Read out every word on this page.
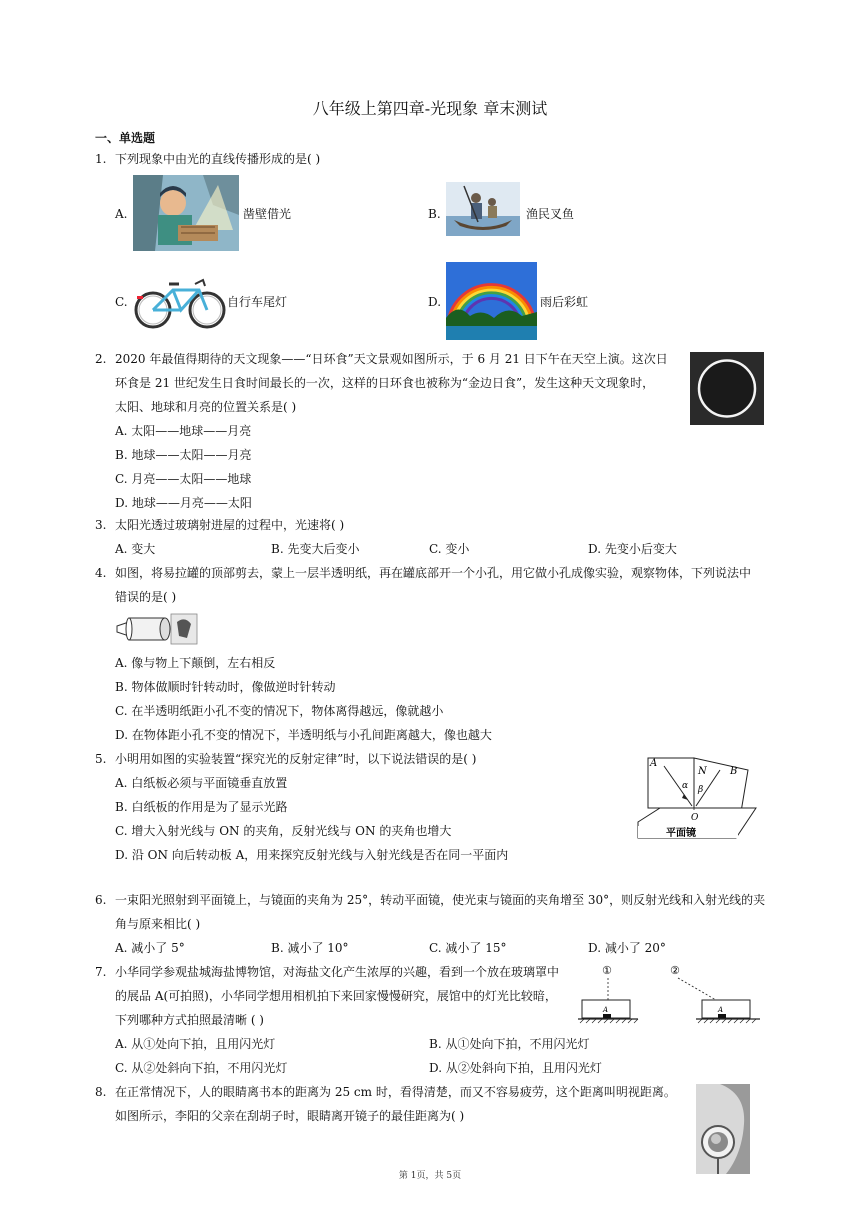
八年级上第四章-光现象 章末测试
一、单选题
1. 下列现象中由光的直线传播形成的是( )
A.	凿壁借光	B.	渔民叉鱼
C.	自行车尾灯	D.	雨后彩虹
2. 2020 年最值得期待的天文现象——“日环食”天文景观如图所示，于 6 月 21 日下午在天空上演。这次日
环食是 21 世纪发生日食时间最长的一次，这样的日环食也被称为“金边日食”，发生这种天文现象时，
太阳、地球和月亮的位置关系是( )
A. 太阳——地球——月亮
B. 地球——太阳——月亮
C. 月亮——太阳——地球
D. 地球——月亮——太阳
3. 太阳光透过玻璃射进屋的过程中，光速将( )
A. 变大	B. 先变大后变小	C. 变小	D. 先变小后变大
4. 如图，将易拉罐的顶部剪去，蒙上一层半透明纸，再在罐底部开一个小孔，用它做小孔成像实验，观察物体，下列说法中
错误的是( )
A. 像与物上下颠倒，左右相反
B. 物体做顺时针转动时，像做逆时针转动
C. 在半透明纸距小孔不变的情况下，物体离得越远，像就越小
D. 在物体距小孔不变的情况下，半透明纸与小孔间距离越大，像也越大
5. 小明用如图的实验装置“探究光的反射定律”时，以下说法错误的是( )
A. 白纸板必须与平面镜垂直放置
B. 白纸板的作用是为了显示光路
C. 增大入射光线与 ON 的夹角，反射光线与 ON 的夹角也增大
D. 沿 ON 向后转动板 A，用来探究反射光线与入射光线是否在同一平面内
A
B
N
α β
O
平面镜
6. 一束阳光照射到平面镜上，与镜面的夹角为 25°，转动平面镜，使光束与镜面的夹角增至 30°，则反射光线和入射光线的夹
角与原来相比( )
A. 减小了 5°	B. 减小了 10°	C. 减小了 15°	D. 减小了 20°
7. 小华同学参观盐城海盐博物馆，对海盐文化产生浓厚的兴趣，看到一个放在玻璃罩中
的展品 A(可拍照)，小华同学想用相机拍下来回家慢慢研究，展馆中的灯光比较暗，
下列哪种方式拍照最清晰 ( )
①	②
A	A
A. 从①处向下拍，且用闪光灯	B. 从①处向下拍，不用闪光灯
C. 从②处斜向下拍，不用闪光灯	D. 从②处斜向下拍，且用闪光灯
8. 在正常情况下，人的眼睛离书本的距离为 25 cm 时，看得清楚，而又不容易疲劳，这个距离叫明视距离。
如图所示，李阳的父亲在刮胡子时，眼睛离开镜子的最佳距离为( )
第 1页，共 5页
